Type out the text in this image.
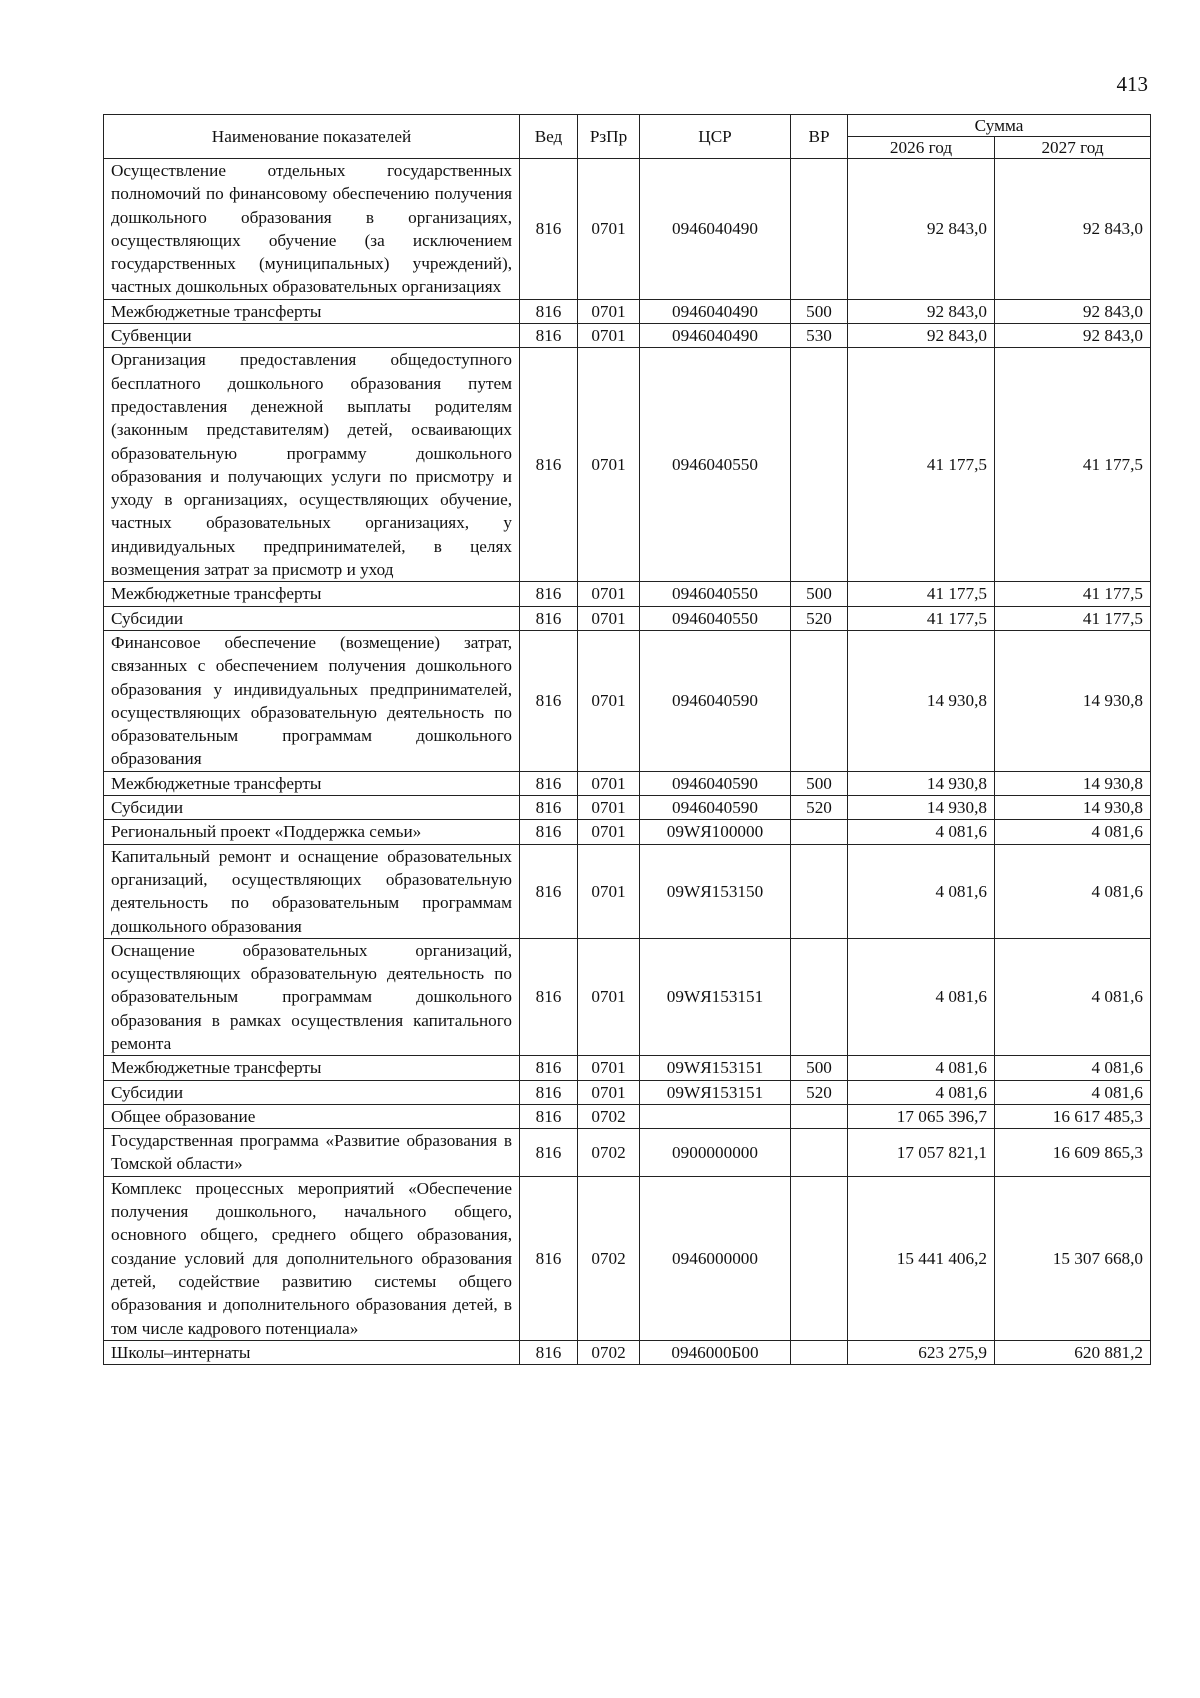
413
Наименование показателей	Вед	РзПр	ЦСР	ВР	Сумма	
					2026 год	2027 год
Осуществление отдельных государственных полномочий по финансовому обеспечению получения дошкольного образования в организациях, осуществляющих обучение (за исключением государственных (муниципальных) учреждений), частных дошкольных образовательных организациях	816	0701	0946040490		92 843,0	92 843,0
Межбюджетные трансферты	816	0701	0946040490	500	92 843,0	92 843,0
Субвенции	816	0701	0946040490	530	92 843,0	92 843,0
Организация предоставления общедоступного бесплатного дошкольного образования путем предоставления денежной выплаты родителям (законным представителям) детей, осваивающих образовательную программу дошкольного образования и получающих услуги по присмотру и уходу в организациях, осуществляющих обучение, частных образовательных организациях, у индивидуальных предпринимателей, в целях возмещения затрат за присмотр и уход	816	0701	0946040550		41 177,5	41 177,5
Межбюджетные трансферты	816	0701	0946040550	500	41 177,5	41 177,5
Субсидии	816	0701	0946040550	520	41 177,5	41 177,5
Финансовое обеспечение (возмещение) затрат, связанных с обеспечением получения дошкольного образования у индивидуальных предпринимателей, осуществляющих образовательную деятельность по образовательным программам дошкольного образования	816	0701	0946040590		14 930,8	14 930,8
Межбюджетные трансферты	816	0701	0946040590	500	14 930,8	14 930,8
Субсидии	816	0701	0946040590	520	14 930,8	14 930,8
Региональный проект «Поддержка семьи»	816	0701	09WЯ100000		4 081,6	4 081,6
Капитальный ремонт и оснащение образовательных организаций, осуществляющих образовательную деятельность по образовательным программам дошкольного образования	816	0701	09WЯ153150		4 081,6	4 081,6
Оснащение образовательных организаций, осуществляющих образовательную деятельность по образовательным программам дошкольного образования в рамках осуществления капитального ремонта	816	0701	09WЯ153151		4 081,6	4 081,6
Межбюджетные трансферты	816	0701	09WЯ153151	500	4 081,6	4 081,6
Субсидии	816	0701	09WЯ153151	520	4 081,6	4 081,6
Общее образование	816	0702			17 065 396,7	16 617 485,3
Государственная программа «Развитие образования в Томской области»	816	0702	0900000000		17 057 821,1	16 609 865,3
Комплекс процессных мероприятий «Обеспечение получения дошкольного, начального общего, основного общего, среднего общего образования, создание условий для дополнительного образования детей, содействие развитию системы общего образования и дополнительного образования детей, в том числе кадрового потенциала»	816	0702	0946000000		15 441 406,2	15 307 668,0
Школы–интернаты	816	0702	0946000Б00		623 275,9	620 881,2
